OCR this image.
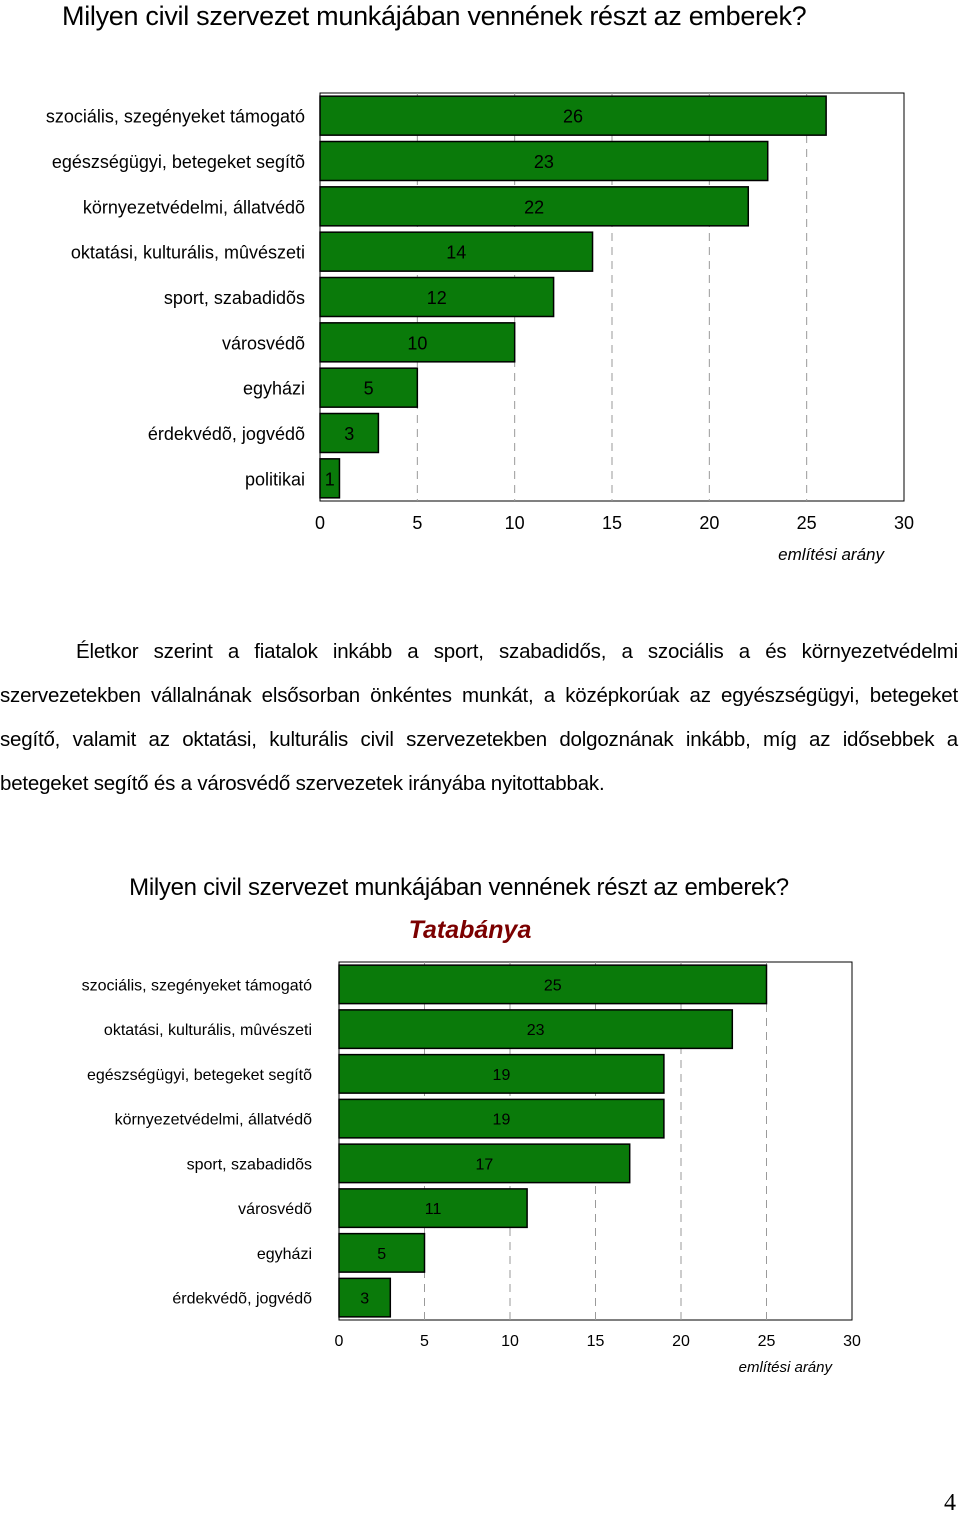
Milyen civil szervezet munkájában vennének részt az emberek?
szociális, szegényeket támogató	26
egészségügyi, betegeket segítõ	23
környezetvédelmi, állatvédõ	22
oktatási, kulturális, mûvészeti	14
sport, szabadidõs	12
városvédõ	10
egyházi	5
érdekvédõ, jogvédõ 3
politikai 1
0	5	10	15	20	25	30
említési arány

Életkor szerint a fiatalok inkább a sport, szabadidős, a szociális a és környezetvédelmi szervezetekben vállalnának elsősorban önkéntes munkát, a középkorúak az egyészségügyi, betegeket segítő, valamit az oktatási, kulturális civil szervezetekben dolgoznának inkább, míg az idősebbek a betegeket segítő és a városvédő szervezetek irányába nyitottabbak.

Milyen civil szervezet munkájában vennének részt az emberek?
Tatabánya
szociális, szegényeket támogató	25
oktatási, kulturális, mûvészeti	23
egészségügyi, betegeket segítõ	19
környezetvédelmi, állatvédõ	19
sport, szabadidõs	17
városvédõ	11
egyházi	5
érdekvédõ, jogvédõ	3
0	5	10	15	20	25	30
említési arány
4
